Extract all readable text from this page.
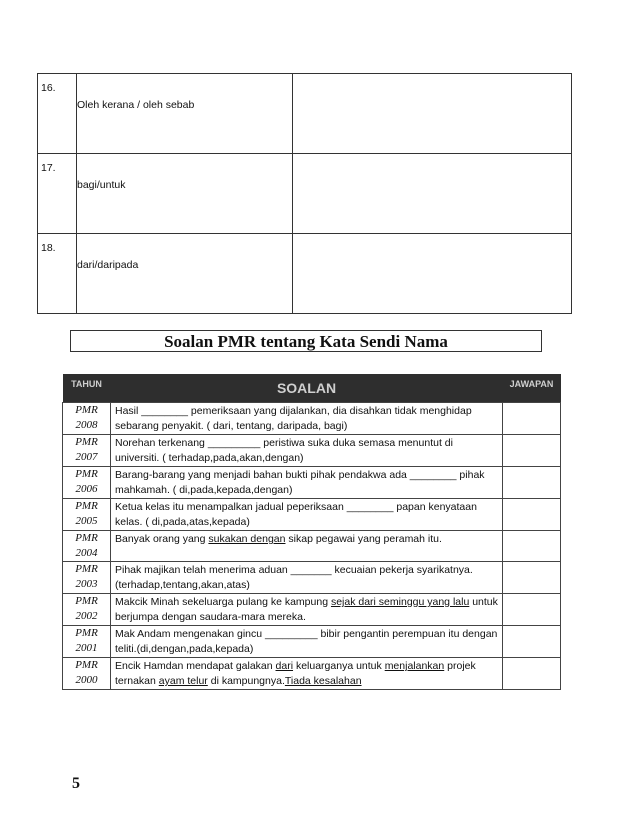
16.	Oleh kerana / oleh sebab	

17.	bagi/untuk	

18.	dari/daripada	

Soalan PMR tentang Kata Sendi Nama
TAHUN	SOALAN	JAWAPAN

PMR
2008	Hasil ________ pemeriksaan yang dijalankan, dia disahkan tidak menghidap sebarang penyakit. ( dari, tentang, daripada, bagi)	

PMR
2007	Norehan terkenang _________ peristiwa suka duka semasa menuntut di universiti. ( terhadap,pada,akan,dengan)	

PMR
2006	Barang-barang yang menjadi bahan bukti pihak pendakwa ada ________ pihak mahkamah. ( di,pada,kepada,dengan)	

PMR
2005	Ketua kelas itu menampalkan jadual peperiksaan ________ papan kenyataan kelas. ( di,pada,atas,kepada)	

PMR
2004	Banyak orang yang sukakan dengan sikap pegawai yang peramah itu.	

PMR
2003	Pihak majikan telah menerima aduan _______ kecuaian pekerja syarikatnya.(terhadap,tentang,akan,atas)	

PMR
2002	Makcik Minah sekeluarga pulang ke kampung sejak dari seminggu yang lalu untuk berjumpa dengan saudara-mara mereka.	

PMR
2001	Mak Andam mengenakan gincu _________ bibir pengantin perempuan itu dengan teliti.(di,dengan,pada,kepada)	

PMR
2000	Encik Hamdan mendapat galakan dari keluarganya untuk menjalankan projek ternakan ayam telur di kampungnya.Tiada kesalahan	
5
